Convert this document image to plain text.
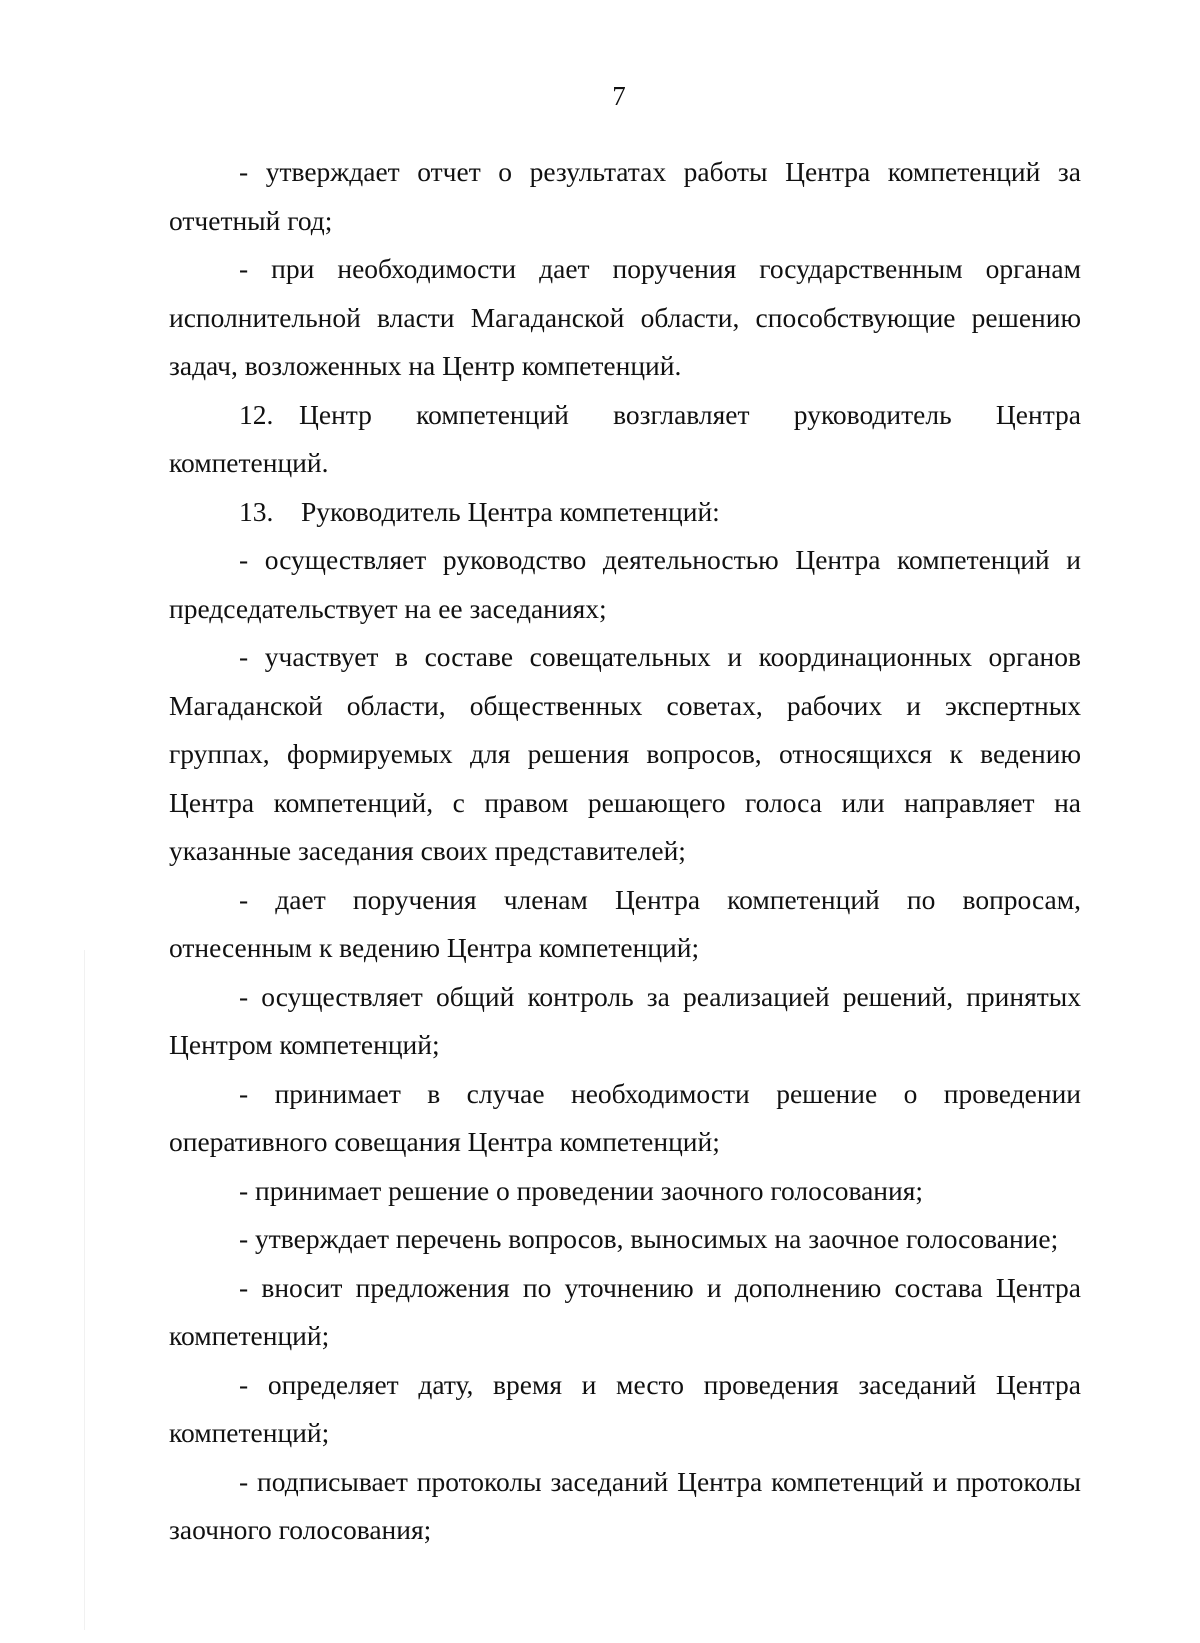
7

- утверждает отчет о результатах работы Центра компетенций за отчетный год;

- при необходимости дает поручения государственным органам исполнительной власти Магаданской области, способствующие решению задач, возложенных на Центр компетенций.

12. Центр компетенций возглавляет руководитель Центра компетенций.

13. Руководитель Центра компетенций:

- осуществляет руководство деятельностью Центра компетенций и председательствует на ее заседаниях;

- участвует в составе совещательных и координационных органов Магаданской области, общественных советах, рабочих и экспертных группах, формируемых для решения вопросов, относящихся к ведению Центра компетенций, с правом решающего голоса или направляет на указанные заседания своих представителей;

- дает поручения членам Центра компетенций по вопросам, отнесенным к ведению Центра компетенций;

- осуществляет общий контроль за реализацией решений, принятых Центром компетенций;

- принимает в случае необходимости решение о проведении оперативного совещания Центра компетенций;

- принимает решение о проведении заочного голосования;

- утверждает перечень вопросов, выносимых на заочное голосование;

- вносит предложения по уточнению и дополнению состава Центра компетенций;

- определяет дату, время и место проведения заседаний Центра компетенций;

- подписывает протоколы заседаний Центра компетенций и протоколы заочного голосования;
